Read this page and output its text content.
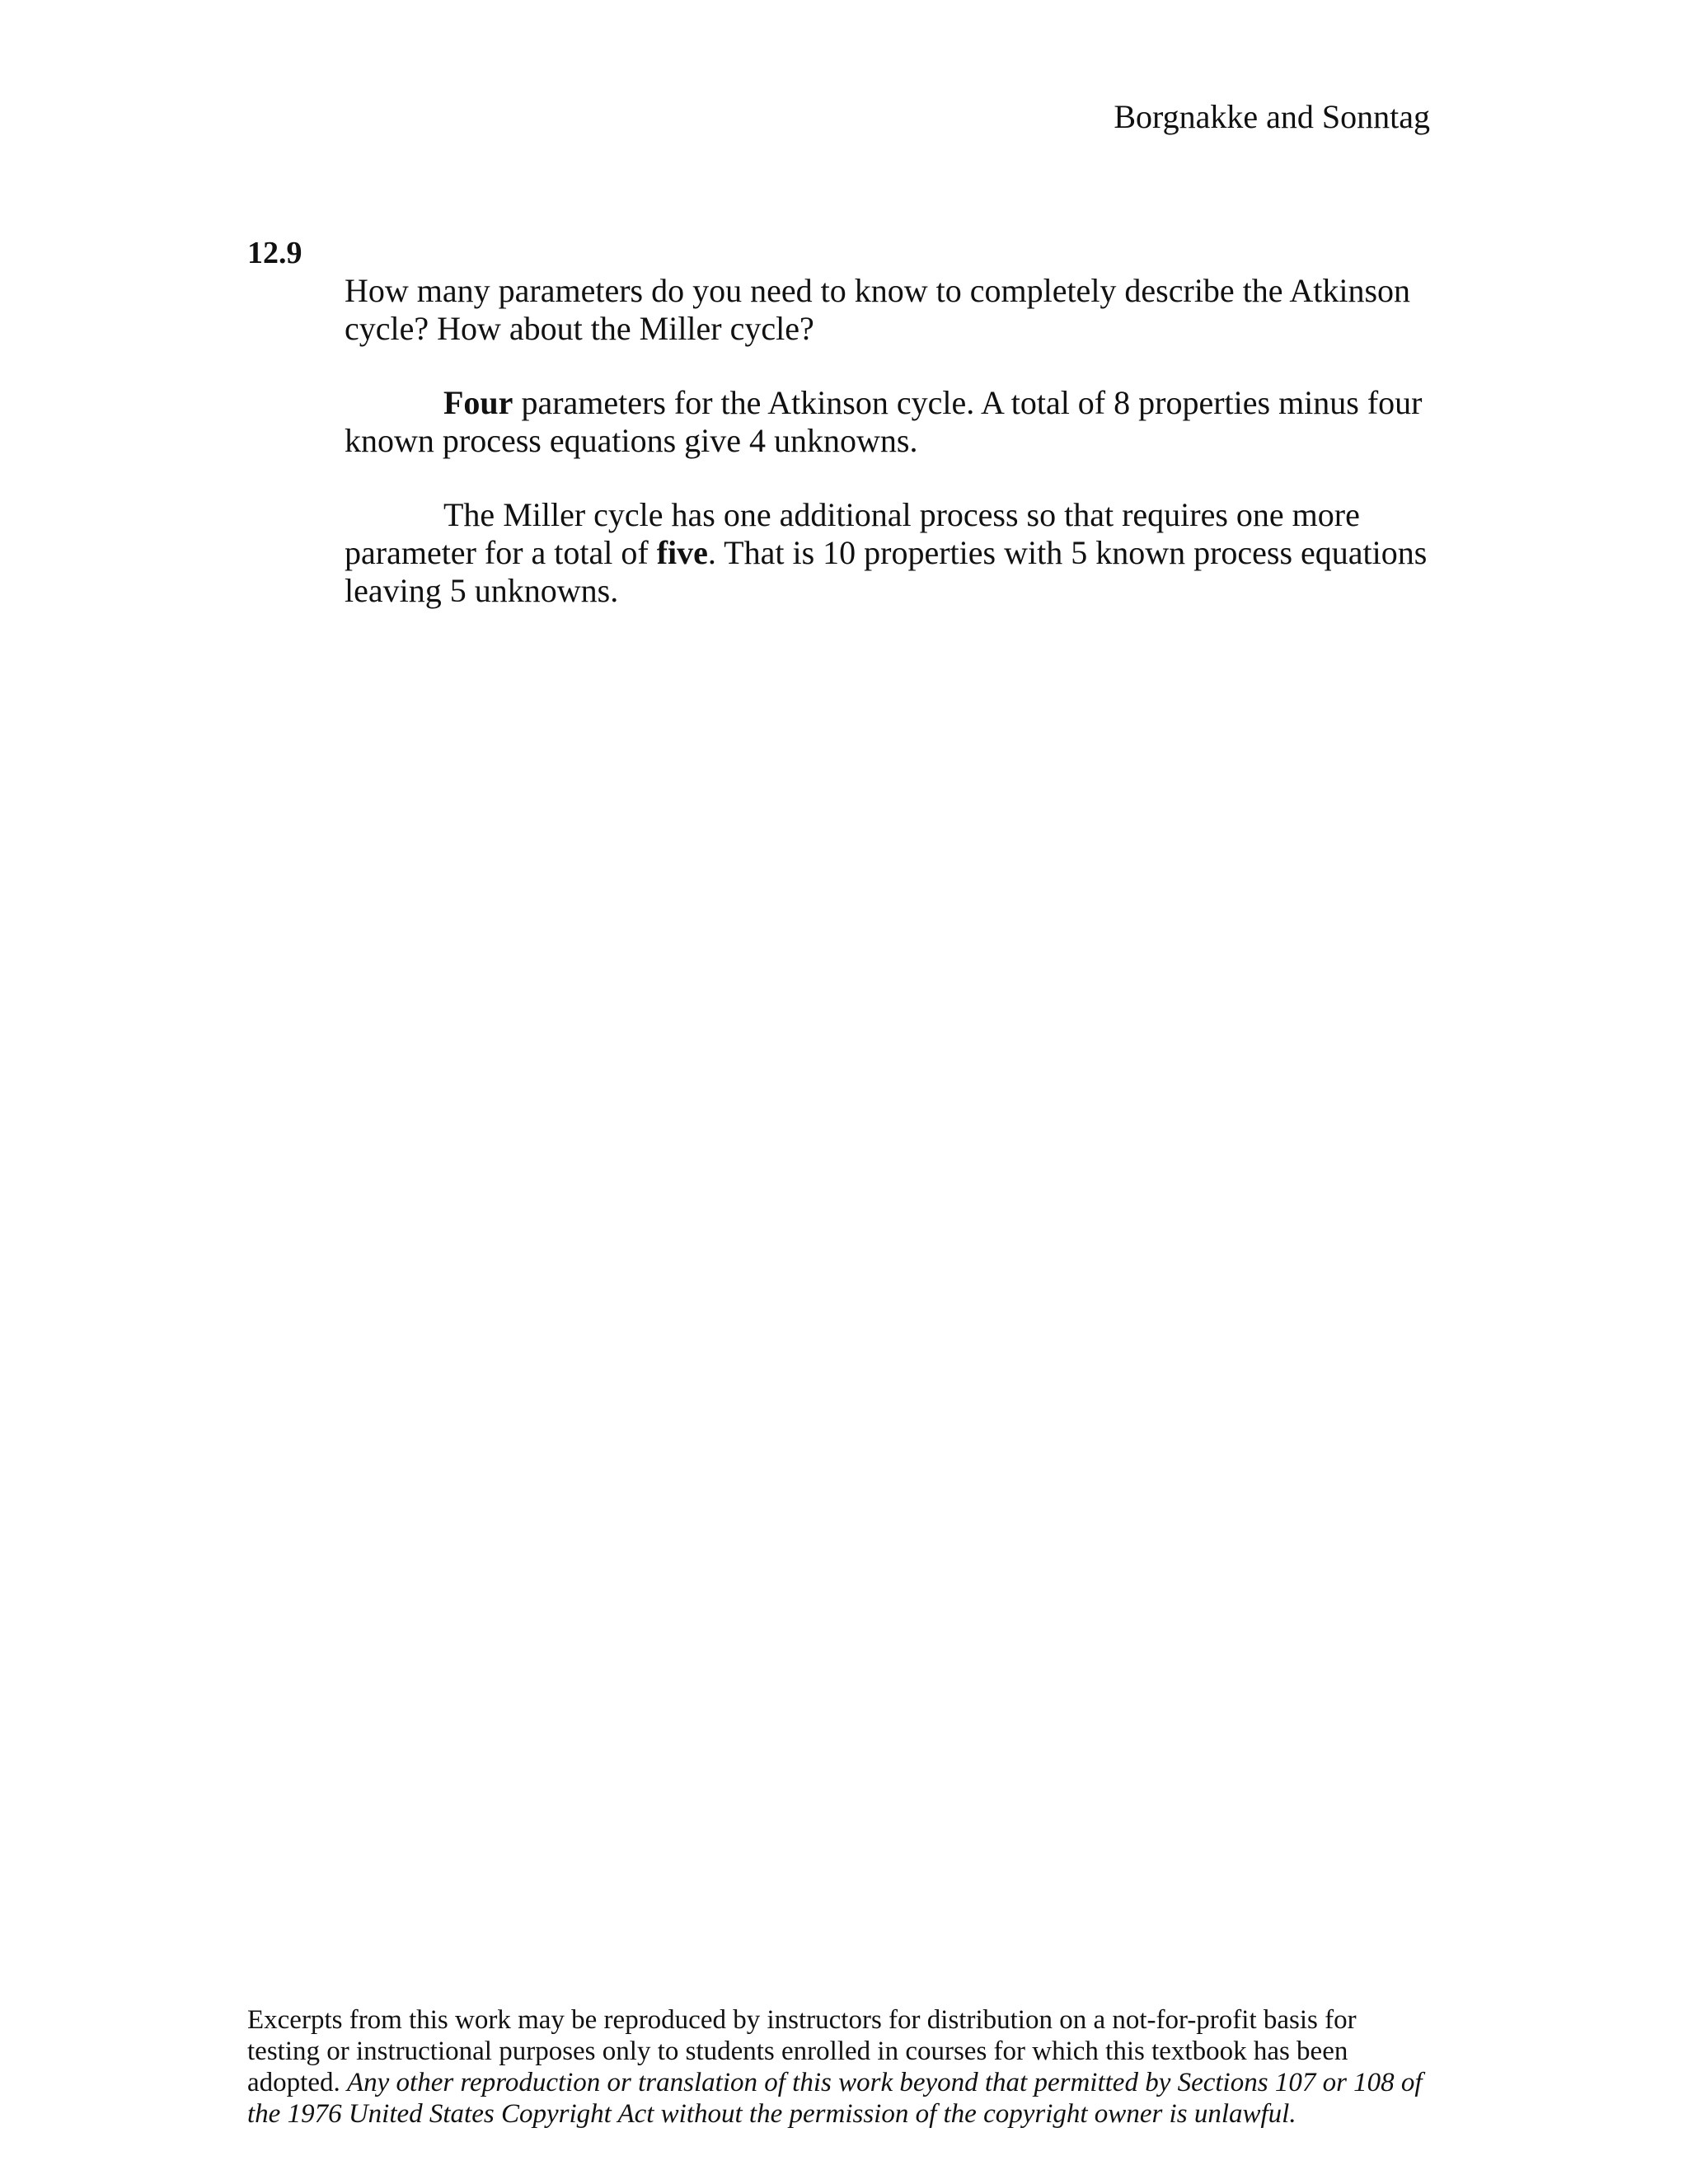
Borgnakke and Sonntag
12.9

How many parameters do you need to know to completely describe the Atkinson cycle? How about the Miller cycle?

Four parameters for the Atkinson cycle. A total of 8 properties minus four known process equations give 4 unknowns.

The Miller cycle has one additional process so that requires one more parameter for a total of five. That is 10 properties with 5 known process equations leaving 5 unknowns.

Excerpts from this work may be reproduced by instructors for distribution on a not-for-profit basis for testing or instructional purposes only to students enrolled in courses for which this textbook has been adopted. Any other reproduction or translation of this work beyond that permitted by Sections 107 or 108 of the 1976 United States Copyright Act without the permission of the copyright owner is unlawful.
